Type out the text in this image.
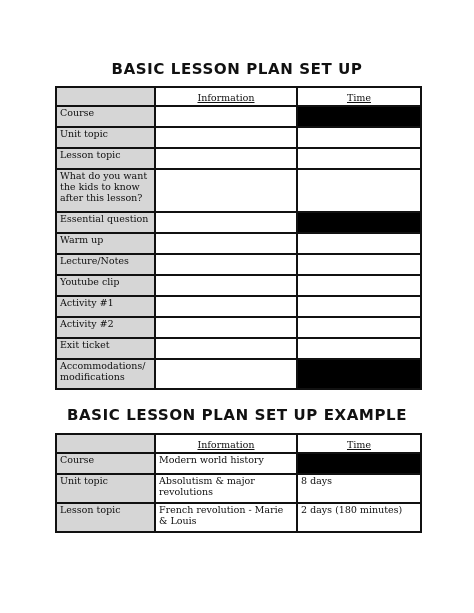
BASIC LESSON PLAN SET UP
	Information	Time
Course		
Unit topic		
Lesson topic		
What do you want the kids to know after this lesson?		
Essential question		
Warm up		
Lecture/Notes		
Youtube clip		
Activity #1		
Activity #2		
Exit ticket		
Accommodations/ modifications		
BASIC LESSON PLAN SET UP EXAMPLE
	Information	Time
Course	Modern world history	
Unit topic	Absolutism & major revolutions	8 days
Lesson topic	French revolution - Marie & Louis	2 days (180 minutes)
